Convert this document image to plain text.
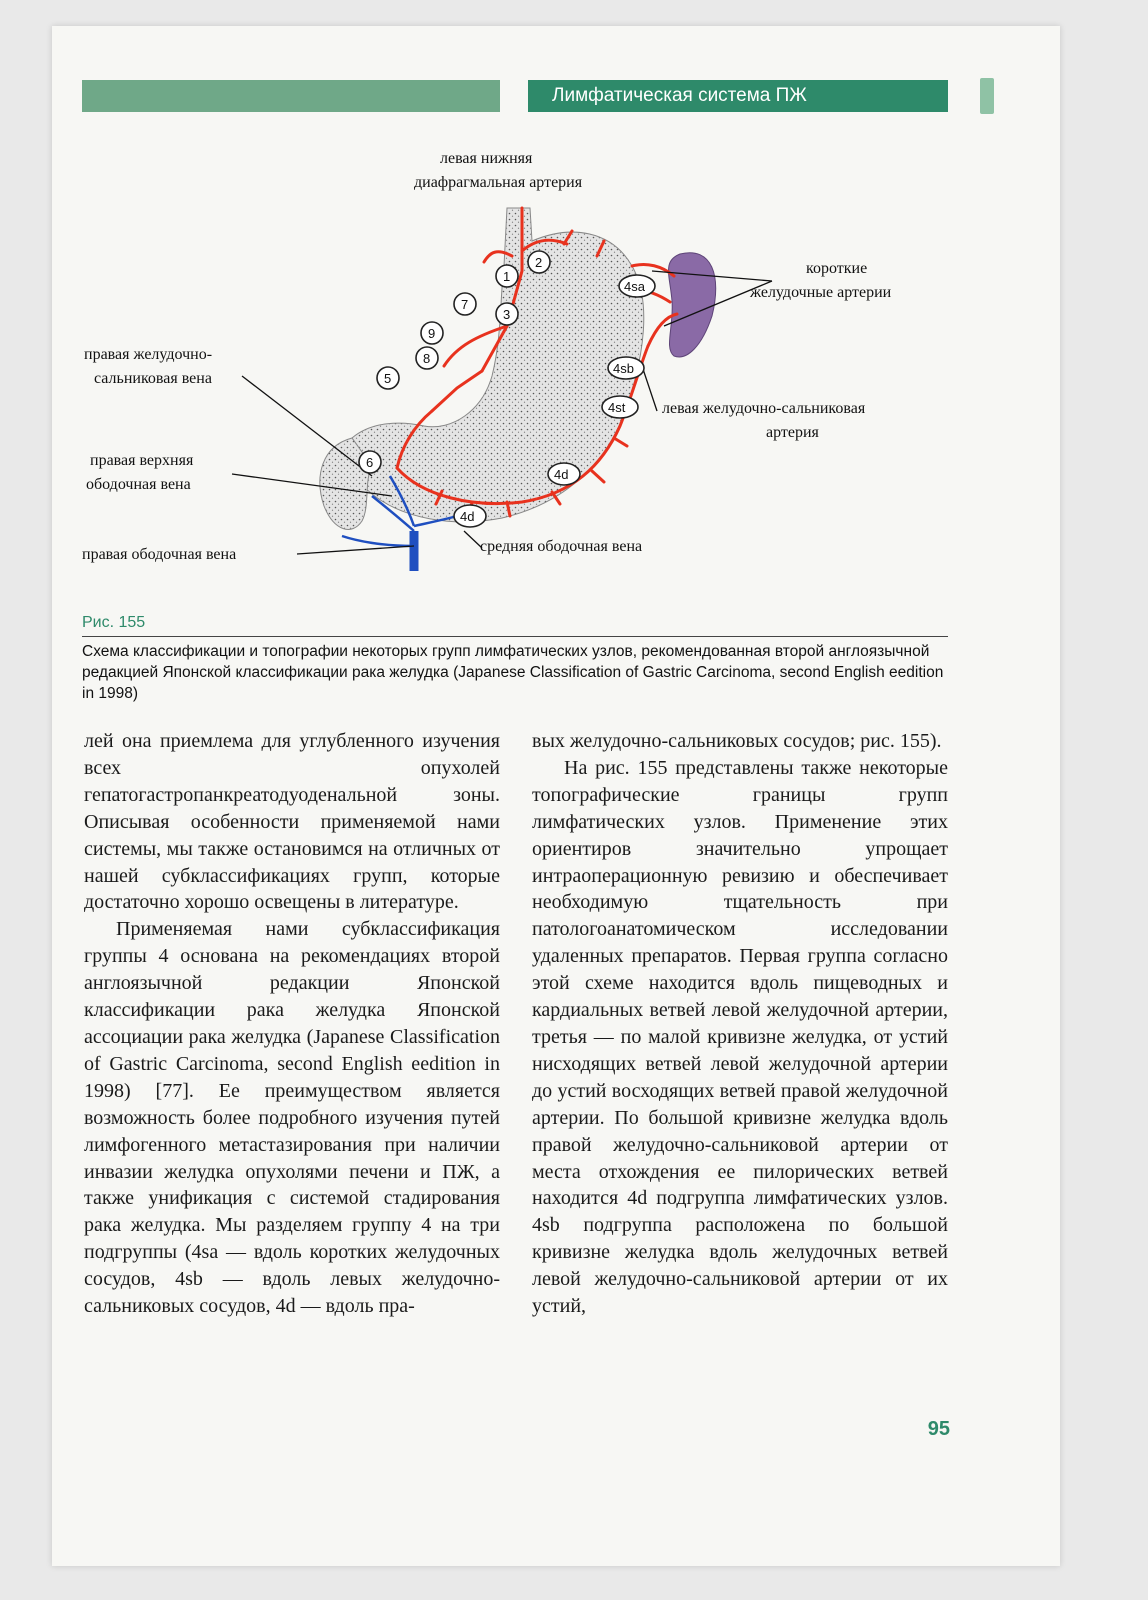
Лимфатическая система ПЖ
1
2
3
4sa
4sb
4st
4d
4d
5
6
7
8
9
левая нижняя
диафрагмальная артерия
короткие
желудочные артерии
правая желудочно-
сальниковая вена
левая желудочно-сальниковая
артерия
правая верхняя
ободочная вена
правая ободочная вена	средняя ободочная вена
Рис. 155
Схема классификации и топографии некоторых групп лимфатических узлов, рекомендованная второй англоязычной редакцией Японской классификации рака желудка (Japanese Classification of Gastric Carcinoma, second English eedition in 1998)

лей она приемлема для углубленного изучения всех опухолей гепатогастропанкреатодуоденальной зоны. Описывая особенности применяемой нами системы, мы также остановимся на отличных от нашей субклассификациях групп, которые достаточно хорошо освещены в литературе.

Применяемая нами субклассификация группы 4 основана на рекомендациях второй англоязычной редакции Японской классификации рака желудка Японской ассоциации рака желудка (Japanese Classification of Gastric Carcinoma, second English eedition in 1998) [77]. Ее преимуществом является возможность более подробного изучения путей лимфогенного метастазирования при наличии инвазии желудка опухолями печени и ПЖ, а также унификация с системой стадирования рака желудка. Мы разделяем группу 4 на три подгруппы (4sa — вдоль коротких желудочных сосудов, 4sb — вдоль левых желудочно-сальниковых сосудов, 4d — вдоль пра-

вых желудочно-сальниковых сосудов; рис. 155).

На рис. 155 представлены также некоторые топографические границы групп лимфатических узлов. Применение этих ориентиров значительно упрощает интраоперационную ревизию и обеспечивает необходимую тщательность при патологоанатомическом исследовании удаленных препаратов. Первая группа согласно этой схеме находится вдоль пищеводных и кардиальных ветвей левой желудочной артерии, третья — по малой кривизне желудка, от устий нисходящих ветвей левой желудочной артерии до устий восходящих ветвей правой желудочной артерии. По большой кривизне желудка вдоль правой желудочно-сальниковой артерии от места отхождения ее пилорических ветвей находится 4d подгруппа лимфатических узлов. 4sb подгруппа расположена по большой кривизне желудка вдоль желудочных ветвей левой желудочно-сальниковой артерии от их устий,

95
